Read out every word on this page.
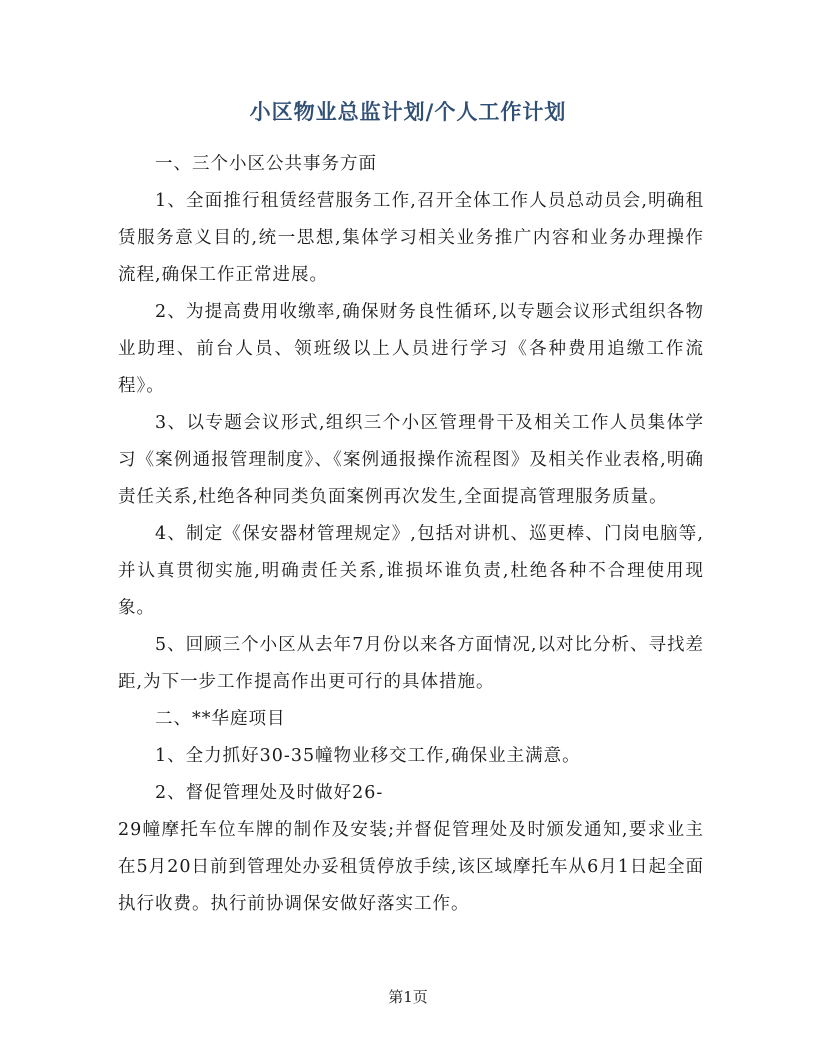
小区物业总监计划/个人工作计划

一、三个小区公共事务方面

1、全面推行租赁经营服务工作,召开全体工作人员总动员会,明确租赁服务意义目的,统一思想,集体学习相关业务推广内容和业务办理操作流程,确保工作正常进展。

2、为提高费用收缴率,确保财务良性循环,以专题会议形式组织各物业助理、前台人员、领班级以上人员进行学习《各种费用追缴工作流程》。

3、以专题会议形式,组织三个小区管理骨干及相关工作人员集体学习《案例通报管理制度》、《案例通报操作流程图》及相关作业表格,明确责任关系,杜绝各种同类负面案例再次发生,全面提高管理服务质量。

4、制定《保安器材管理规定》,包括对讲机、巡更棒、门岗电脑等,并认真贯彻实施,明确责任关系,谁损坏谁负责,杜绝各种不合理使用现象。

5、回顾三个小区从去年7月份以来各方面情况,以对比分析、寻找差距,为下一步工作提高作出更可行的具体措施。

二、**华庭项目

1、全力抓好30-35幢物业移交工作,确保业主满意。

2、督促管理处及时做好26-

29幢摩托车位车牌的制作及安装;并督促管理处及时颁发通知,要求业主在5月20日前到管理处办妥租赁停放手续,该区域摩托车从6月1日起全面执行收费。执行前协调保安做好落实工作。

第1页
